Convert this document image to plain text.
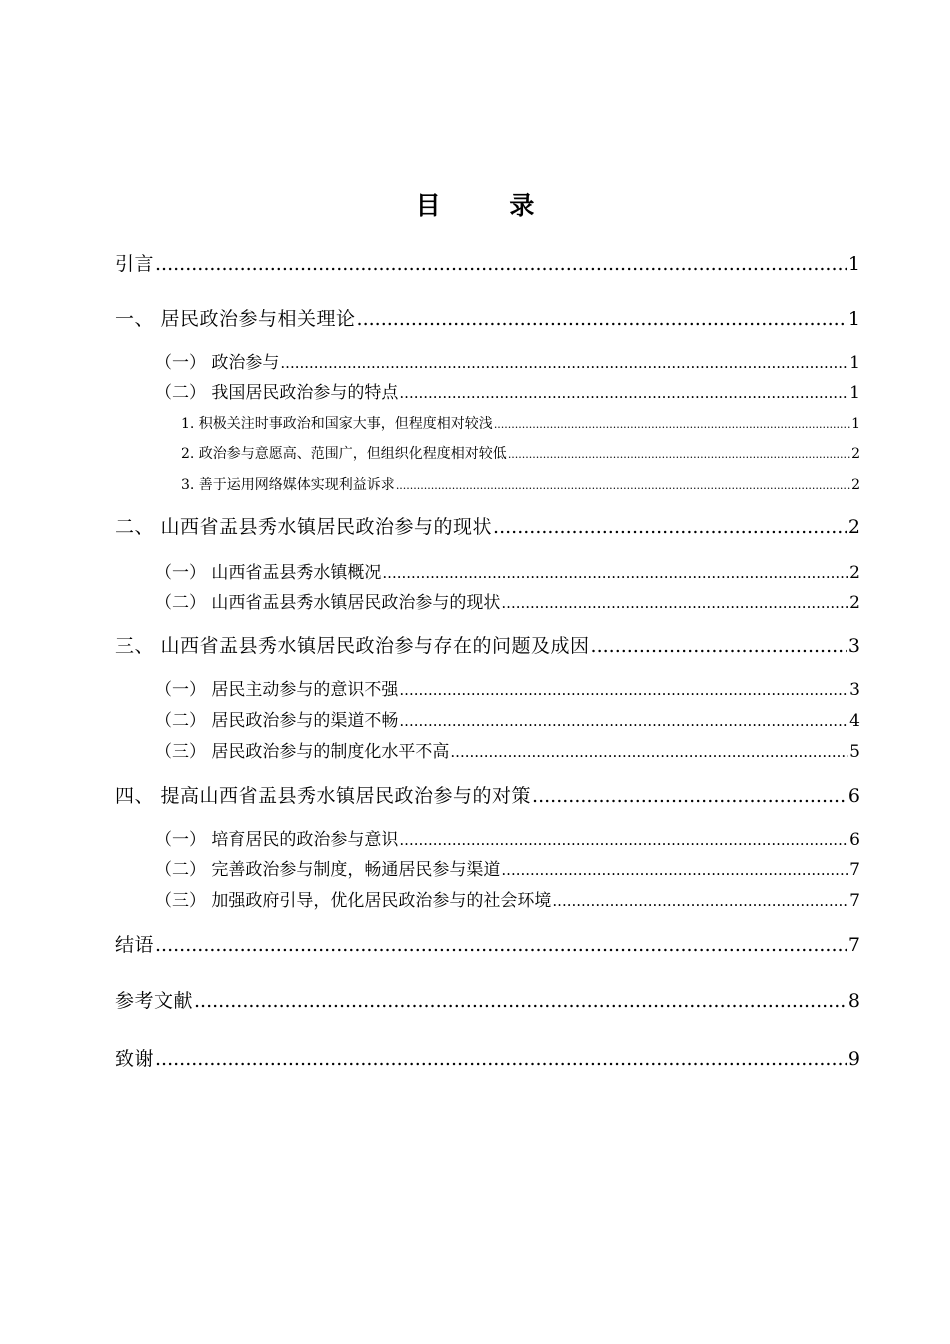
目 录
引言 .....	1
一、 居民政治参与相关理论 .....	1
（一） 政治参与 .....	1
（二） 我国居民政治参与的特点 .....	1
1. 积极关注时事政治和国家大事，但程度相对较浅 .....	1
2. 政治参与意愿高、范围广，但组织化程度相对较低 .....	2
3. 善于运用网络媒体实现利益诉求 .....	2
二、 山西省盂县秀水镇居民政治参与的现状 .....	2
（一） 山西省盂县秀水镇概况 .....	2
（二） 山西省盂县秀水镇居民政治参与的现状 .....	2
三、 山西省盂县秀水镇居民政治参与存在的问题及成因 .....	3
（一） 居民主动参与的意识不强 .....	3
（二） 居民政治参与的渠道不畅 .....	4
（三） 居民政治参与的制度化水平不高 .....	5
四、 提高山西省盂县秀水镇居民政治参与的对策 .....	6
（一） 培育居民的政治参与意识 .....	6
（二） 完善政治参与制度，畅通居民参与渠道 .....	7
（三） 加强政府引导，优化居民政治参与的社会环境 .....	7
结语 .....	7
参考文献 .....	8
致谢 .....	9
